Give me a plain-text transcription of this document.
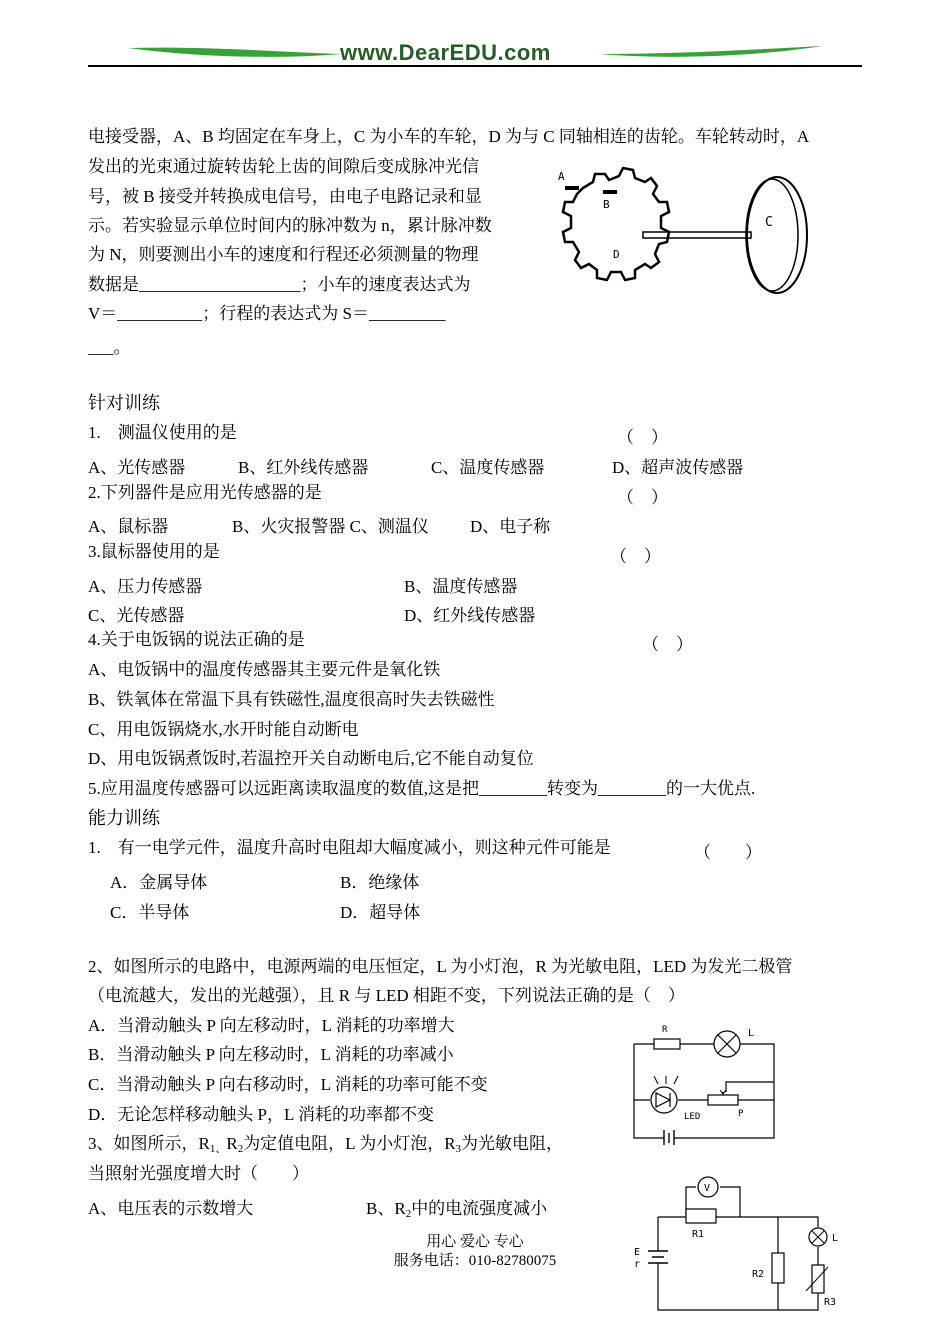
www.DearEDU.com
电接受器，A、B 均固定在车身上，C 为小车的车轮，D 为与 C 同轴相连的齿轮。车轮转动时，A
发出的光束通过旋转齿轮上齿的间隙后变成脉冲光信
号，被 B 接受并转换成电信号，由电子电路记录和显
示。若实验显示单位时间内的脉冲数为 n，累计脉冲数
为 N，则要测出小车的速度和行程还必须测量的物理
数据是___________________；小车的速度表达式为
V＝__________；行程的表达式为 S＝_________
___。
A
B
C
D
针对训练
1.　测温仪使用的是	（　）
A、光传感器	B、红外线传感器	C、温度传感器	D、超声波传感器
2.下列器件是应用光传感器的是	（　）
A、鼠标器	B、火灾报警器 C、测温仪 D、电子称
3.鼠标器使用的是	（　）
A、压力传感器	B、温度传感器
C、光传感器	D、红外线传感器
4.关于电饭锅的说法正确的是	（　）
A、电饭锅中的温度传感器其主要元件是氧化铁
B、铁氧体在常温下具有铁磁性,温度很高时失去铁磁性
C、用电饭锅烧水,水开时能自动断电
D、用电饭锅煮饭时,若温控开关自动断电后,它不能自动复位
5.应用温度传感器可以远距离读取温度的数值,这是把________转变为________的一大优点.
能力训练
1.　有一电学元件，温度升高时电阻却大幅度减小，则这种元件可能是	（　　）
A．金属导体	B．绝缘体
C．半导体	D．超导体
2、如图所示的电路中，电源两端的电压恒定，L 为小灯泡，R 为光敏电阻，LED 为发光二极管
（电流越大，发出的光越强），且 R 与 LED 相距不变，下列说法正确的是（　）
A．当滑动触头 P 向左移动时，L 消耗的功率增大
B．当滑动触头 P 向左移动时，L 消耗的功率减小
C．当滑动触头 P 向右移动时，L 消耗的功率可能不变
D．无论怎样移动触头 P，L 消耗的功率都不变
3、如图所示，$R_{1、}R_2$为定值电阻，L 为小灯泡，$R_3$为光敏电阻，
当照射光强度增大时（　　）
A、电压表的示数增大	B、$R_2$中的电流强度减小
R	L
LED	P
V
R1
R2
R3
L
E
r
用心 爱心 专心
服务电话：010-82780075
